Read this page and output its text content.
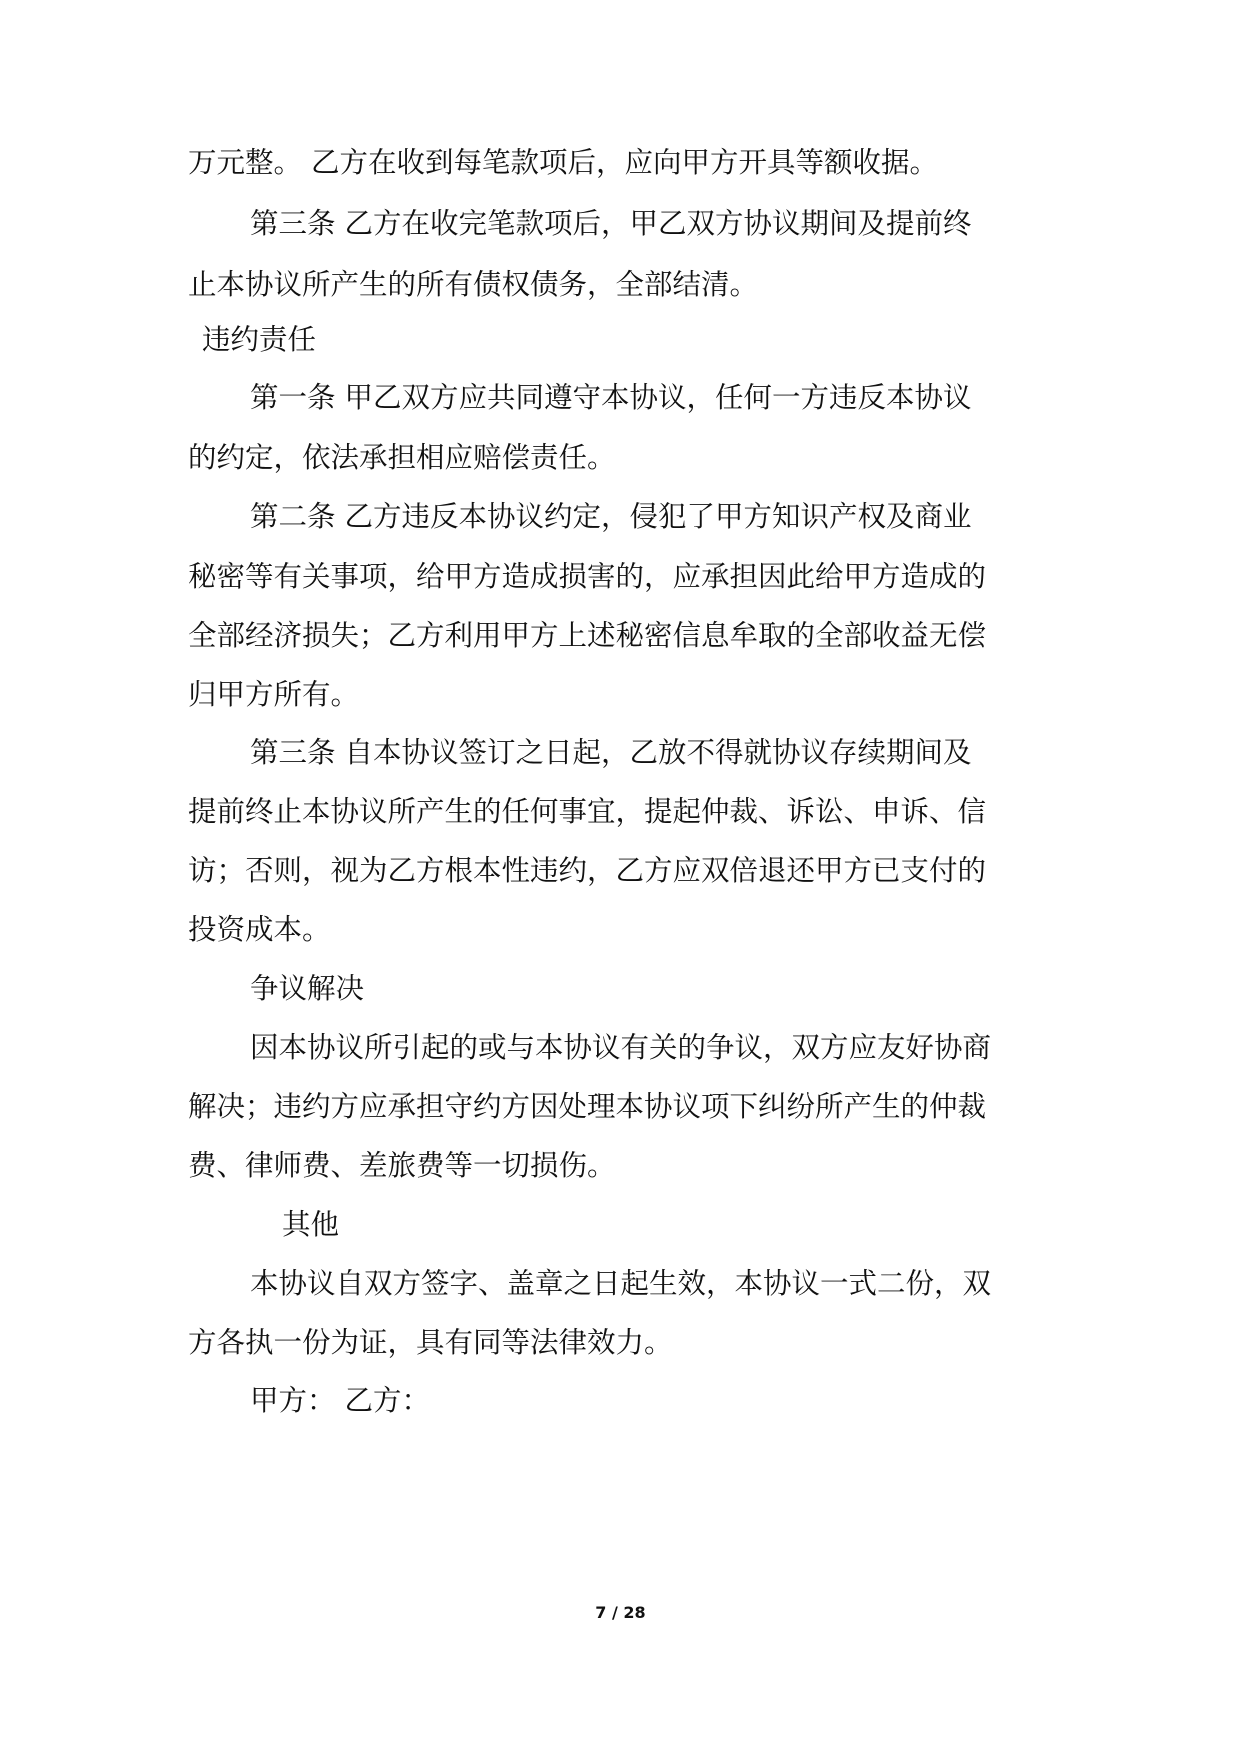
万元整。 乙方在收到每笔款项后，应向甲方开具等额收据。
第三条 乙方在收完笔款项后，甲乙双方协议期间及提前终
止本协议所产生的所有债权债务，全部结清。
违约责任
第一条 甲乙双方应共同遵守本协议，任何一方违反本协议
的约定，依法承担相应赔偿责任。
第二条 乙方违反本协议约定，侵犯了甲方知识产权及商业
秘密等有关事项，给甲方造成损害的，应承担因此给甲方造成的
全部经济损失；乙方利用甲方上述秘密信息牟取的全部收益无偿
归甲方所有。
第三条 自本协议签订之日起，乙放不得就协议存续期间及
提前终止本协议所产生的任何事宜，提起仲裁、诉讼、申诉、信
访；否则，视为乙方根本性违约，乙方应双倍退还甲方已支付的
投资成本。
争议解决
因本协议所引起的或与本协议有关的争议，双方应友好协商
解决；违约方应承担守约方因处理本协议项下纠纷所产生的仲裁
费、律师费、差旅费等一切损伤。
其他
本协议自双方签字、盖章之日起生效，本协议一式二份，双
方各执一份为证，具有同等法律效力。
甲方： 乙方：
7 / 28
